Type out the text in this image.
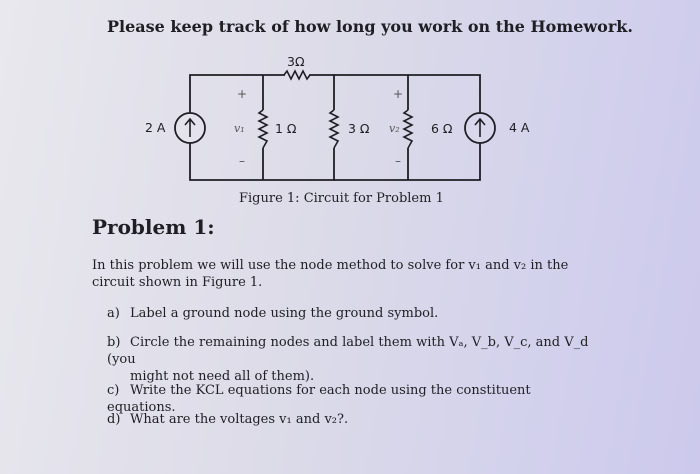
Please keep track of how long you work on the Homework.
3Ω
1 Ω	3 Ω	6 Ω
+
v₁
–
+
v₂
–
2 A	4 A
Figure 1: Circuit for Problem 1
Problem 1:
In this problem we will use the node method to solve for v₁ and v₂ in the circuit shown in Figure 1.
a) Label a ground node using the ground symbol.
b) Circle the remaining nodes and label them with Vₐ, V_b, V_c, and V_d (you
might not need all of them).
c) Write the KCL equations for each node using the constituent equations.
d) What are the voltages v₁ and v₂?.
